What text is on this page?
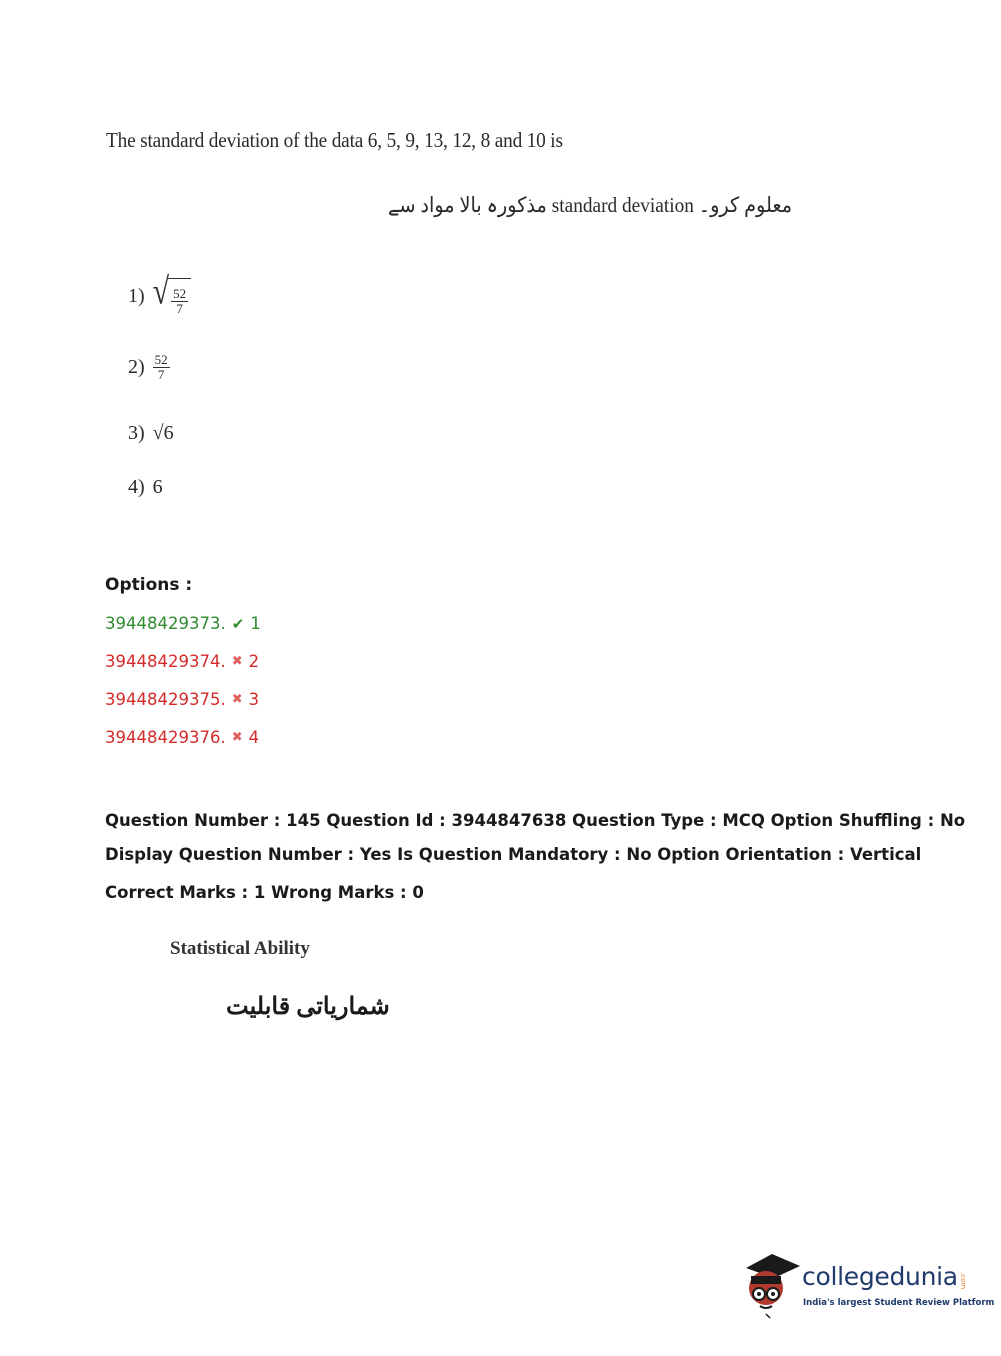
The standard deviation of the data 6, 5, 9, 13, 12, 8 and 10 is
مذکورہ بالا مواد سے standard deviation معلوم کرو۔
1) √ $\frac{52}{7}$
$2) \frac{52}{7}$
3) √6
4) 6
Options :
39448429373. ✔ 1
39448429374. ✖ 2
39448429375. ✖ 3
39448429376. ✖ 4
Question Number : 145 Question Id : 3944847638 Question Type : MCQ Option Shuffling : No
Display Question Number : Yes Is Question Mandatory : No Option Orientation : Vertical
Correct Marks : 1 Wrong Marks : 0
Statistical Ability
شماریاتی قابلیت
collegedunia .com
India's largest Student Review Platform
